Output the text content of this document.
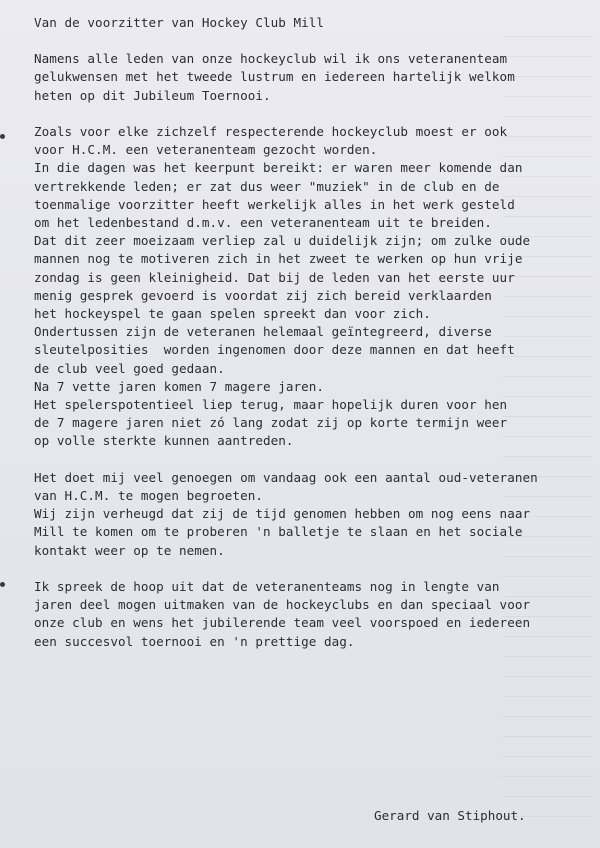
Van de voorzitter van Hockey Club Mill
Namens alle leden van onze hockeyclub wil ik ons veteranenteam
gelukwensen met het tweede lustrum en iedereen hartelijk welkom
heten op dit Jubileum Toernooi.
Zoals voor elke zichzelf respecterende hockeyclub moest er ook
voor H.C.M. een veteranenteam gezocht worden.
In die dagen was het keerpunt bereikt: er waren meer komende dan
vertrekkende leden; er zat dus weer "muziek" in de club en de
toenmalige voorzitter heeft werkelijk alles in het werk gesteld
om het ledenbestand d.m.v. een veteranenteam uit te breiden.
Dat dit zeer moeizaam verliep zal u duidelijk zijn; om zulke oude
mannen nog te motiveren zich in het zweet te werken op hun vrije
zondag is geen kleinigheid. Dat bij de leden van het eerste uur
menig gesprek gevoerd is voordat zij zich bereid verklaarden
het hockeyspel te gaan spelen spreekt dan voor zich.
Ondertussen zijn de veteranen helemaal geïntegreerd, diverse
sleutelposities  worden ingenomen door deze mannen en dat heeft
de club veel goed gedaan.
Na 7 vette jaren komen 7 magere jaren.
Het spelerspotentieel liep terug, maar hopelijk duren voor hen
de 7 magere jaren niet zó lang zodat zij op korte termijn weer
op volle sterkte kunnen aantreden.
Het doet mij veel genoegen om vandaag ook een aantal oud-veteranen
van H.C.M. te mogen begroeten.
Wij zijn verheugd dat zij de tijd genomen hebben om nog eens naar
Mill te komen om te proberen 'n balletje te slaan en het sociale
kontakt weer op te nemen.
Ik spreek de hoop uit dat de veteranenteams nog in lengte van
jaren deel mogen uitmaken van de hockeyclubs en dan speciaal voor
onze club en wens het jubilerende team veel voorspoed en iedereen
een succesvol toernooi en 'n prettige dag.
Gerard van Stiphout.
